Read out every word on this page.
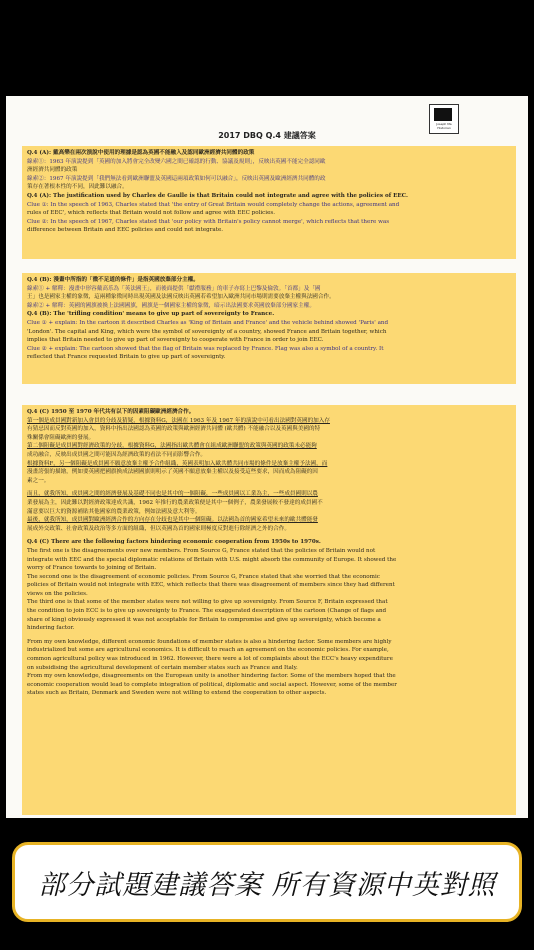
Joseph Ma Historian
2017 DBQ Q.4 建議答案
Q.4 (A): 戴高樂在兩次演說中使用的理據是認為英國不能融入及認同歐洲經濟共同體的政策
線索①：1963 年演說提到「英國的加入將會完全改變六國之間已確認的行動、協議及規則」，反映出英國不能完全認同歐
洲經濟共同體的政策
線索②：1967 年演說提到「我們無法看到歐洲聯盟及英國這兩項政策如何可以融合」，反映出英國及歐洲經濟共同體的政
策存在著根本性的不同，因此難以融合。
Q.4 (A): The justification used by Charles de Gaulle is that Britain could not integrate and agree with the policies of EEC.
Clue ①: In the speech of 1963, Charles stated that 'the entry of Great Britain would completely change the actions, agreement and
rules of EEC', which reflects that Britain would not follow and agree with EEC policies.
Clue ②: In the speech of 1967, Charles stated that 'our policy with Britain's policy cannot merge', which reflects that there was
difference between Britain and EEC policies and could not integrate.
Q.4 (B): 漫畫中所指的「微不足道的條件」是指英國放棄部分主權。
線索① + 解釋：漫畫中形容戴高乐為「英法國王」，而後面提供「獻禮服務」的車子亦寫上巴黎及倫敦。「首都」及「國
王」也是國家主權的象徵，這兩種象徵同時出現英國及法國反映出英國若希望加入歐洲共同市場則需要放棄主權與法國合作。
線索② + 解釋：英國的國旗被換上法國國旗，國旗是一個國家主權的象徵，暗示出法國要求英國放棄部分國家主權。
Q.4 (B): The 'trifling condition' means to give up part of sovereignty to France.
Clue ① + explain: In the cartoon it described Charles as 'King of Britain and France' and the vehicle behind showed 'Paris' and
'London'. The capital and King, which were the symbol of sovereignty of a country, showed France and Britain together, which
implies that Britain needed to give up part of sovereignty to cooperate with France in order to join EEC.
Clue ② + explain: The cartoon showed that the flag of Britain was replaced by France. Flag was also a symbol of a country. It
reflected that France requested Britain to give up part of sovereignty.
Q.4 (C) 1950 至 1970 年代共有以下的因素阻礙歐洲經濟合作。
第一個是成員國對新加入會員的分歧及猜疑，根據資料G，法國在 1963 年及 1967 年的演說中可看出法國對英國的加入存
有猜忌因而反對英國的加入，資料中指出法國認為英國的政策與歐洲經濟共同體 (歐共體) 不能融合以及英國與美國的特
殊關係會阻礙歐洲的發展。
第二個阻礙是成員國對經濟政策的分歧，根據資料G，法國指出歐共體會在組成歐洲聯盟的政策與英國的政策未必能夠
成功融合，反映出成員國之間可能因為經濟政策的看法不同而影響合作。
根據資料F，另一個阻礙是成員國不願意放棄主權予合作組織，英國表明加入歐共體共同市場的條件是放棄主權予法國，而
漫畫誇張的描繪，例如要英國把國旗換成法國國旗則明示了英國不願意放棄主權以及接受這些要求，因而成為阻礙的因
素之一。
而且，就我所知，成員國之間的經濟發展及基礎不同也是其中的一個阻礙，一些成員國以工業為主，一些成員國則以農
業發展為主，因此難以對經濟政策達成共識，1962 年推行的農業政策便是其中一個例子，農業發展較不發達的成員國不
滿意要以巨大的資源補貼其他國家的農業政策，例如法國及意大利等。
最後，就我所知，成員國對歐洲經濟合作的方向存在分歧也是其中一個阻礙。以法國為首的國家希望未來的歐共體能發
展成外交政策、社會政策及政治等多方面的組織，但以英國為首的國家則極度反對進行除經濟之外的合作。
Q.4 (C) There are the following factors hindering economic cooperation from 1950s to 1970s.
The first one is the disagreements over new members. From Source G, France stated that the policies of Britain would not
integrate with EEC and the special diplomatic relations of Britain with U.S. might absorb the community of Europe. It showed the
worry of France towards to joining of Britain.
The second one is the disagreement of economic policies. From Source G, France stated that she worried that the economic
policies of Britain would not integrate with EEC, which reflects that there was disagreement of members since they had different
views on the policies.
The third one is that some of the member states were not willing to give up sovereignty. From Source F, Britain expressed that
the condition to join ECC is to give up sovereignty to France. The exaggerated description of the cartoon (Change of flags and
share of king) obviously expressed it was not acceptable for Britain to compromise and give up sovereignty, which become a
hindering factor.
From my own knowledge, different economic foundations of member states is also a hindering factor. Some members are highly
industrialized but some are agricultural economics. It is difficult to reach an agreement on the economic policies. For example,
common agricultural policy was introduced in 1962. However, there were a lot of complaints about the ECC's heavy expenditure
on subsidising the agricultural development of certain member states such as France and Italy.
From my own knowledge, disagreements on the European unity is another hindering factor. Some of the members hoped that the
economic cooperation would lead to complete integration of political, diplomatic and social aspect. However, some of the member
states such as Britain, Denmark and Sweden were not willing to extend the cooperation to other aspects.
部分試題建議答案 所有資源中英對照
